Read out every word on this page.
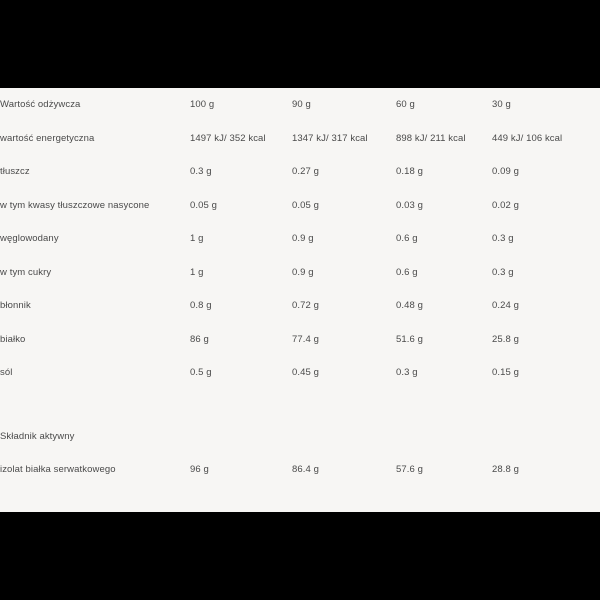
Wartość odżywcza	100 g	90 g	60 g	30 g
wartość energetyczna	1497 kJ/ 352 kcal	1347 kJ/ 317 kcal	898 kJ/ 211 kcal	449 kJ/ 106 kcal
tłuszcz	0.3 g	0.27 g	0.18 g	0.09 g
w tym kwasy tłuszczowe nasycone	0.05 g	0.05 g	0.03 g	0.02 g
węglowodany	1 g	0.9 g	0.6 g	0.3 g
w tym cukry	1 g	0.9 g	0.6 g	0.3 g
błonnik	0.8 g	0.72 g	0.48 g	0.24 g
białko	86 g	77.4 g	51.6 g	25.8 g
sól	0.5 g	0.45 g	0.3 g	0.15 g

Składnik aktywny				
izolat białka serwatkowego	96 g	86.4 g	57.6 g	28.8 g
